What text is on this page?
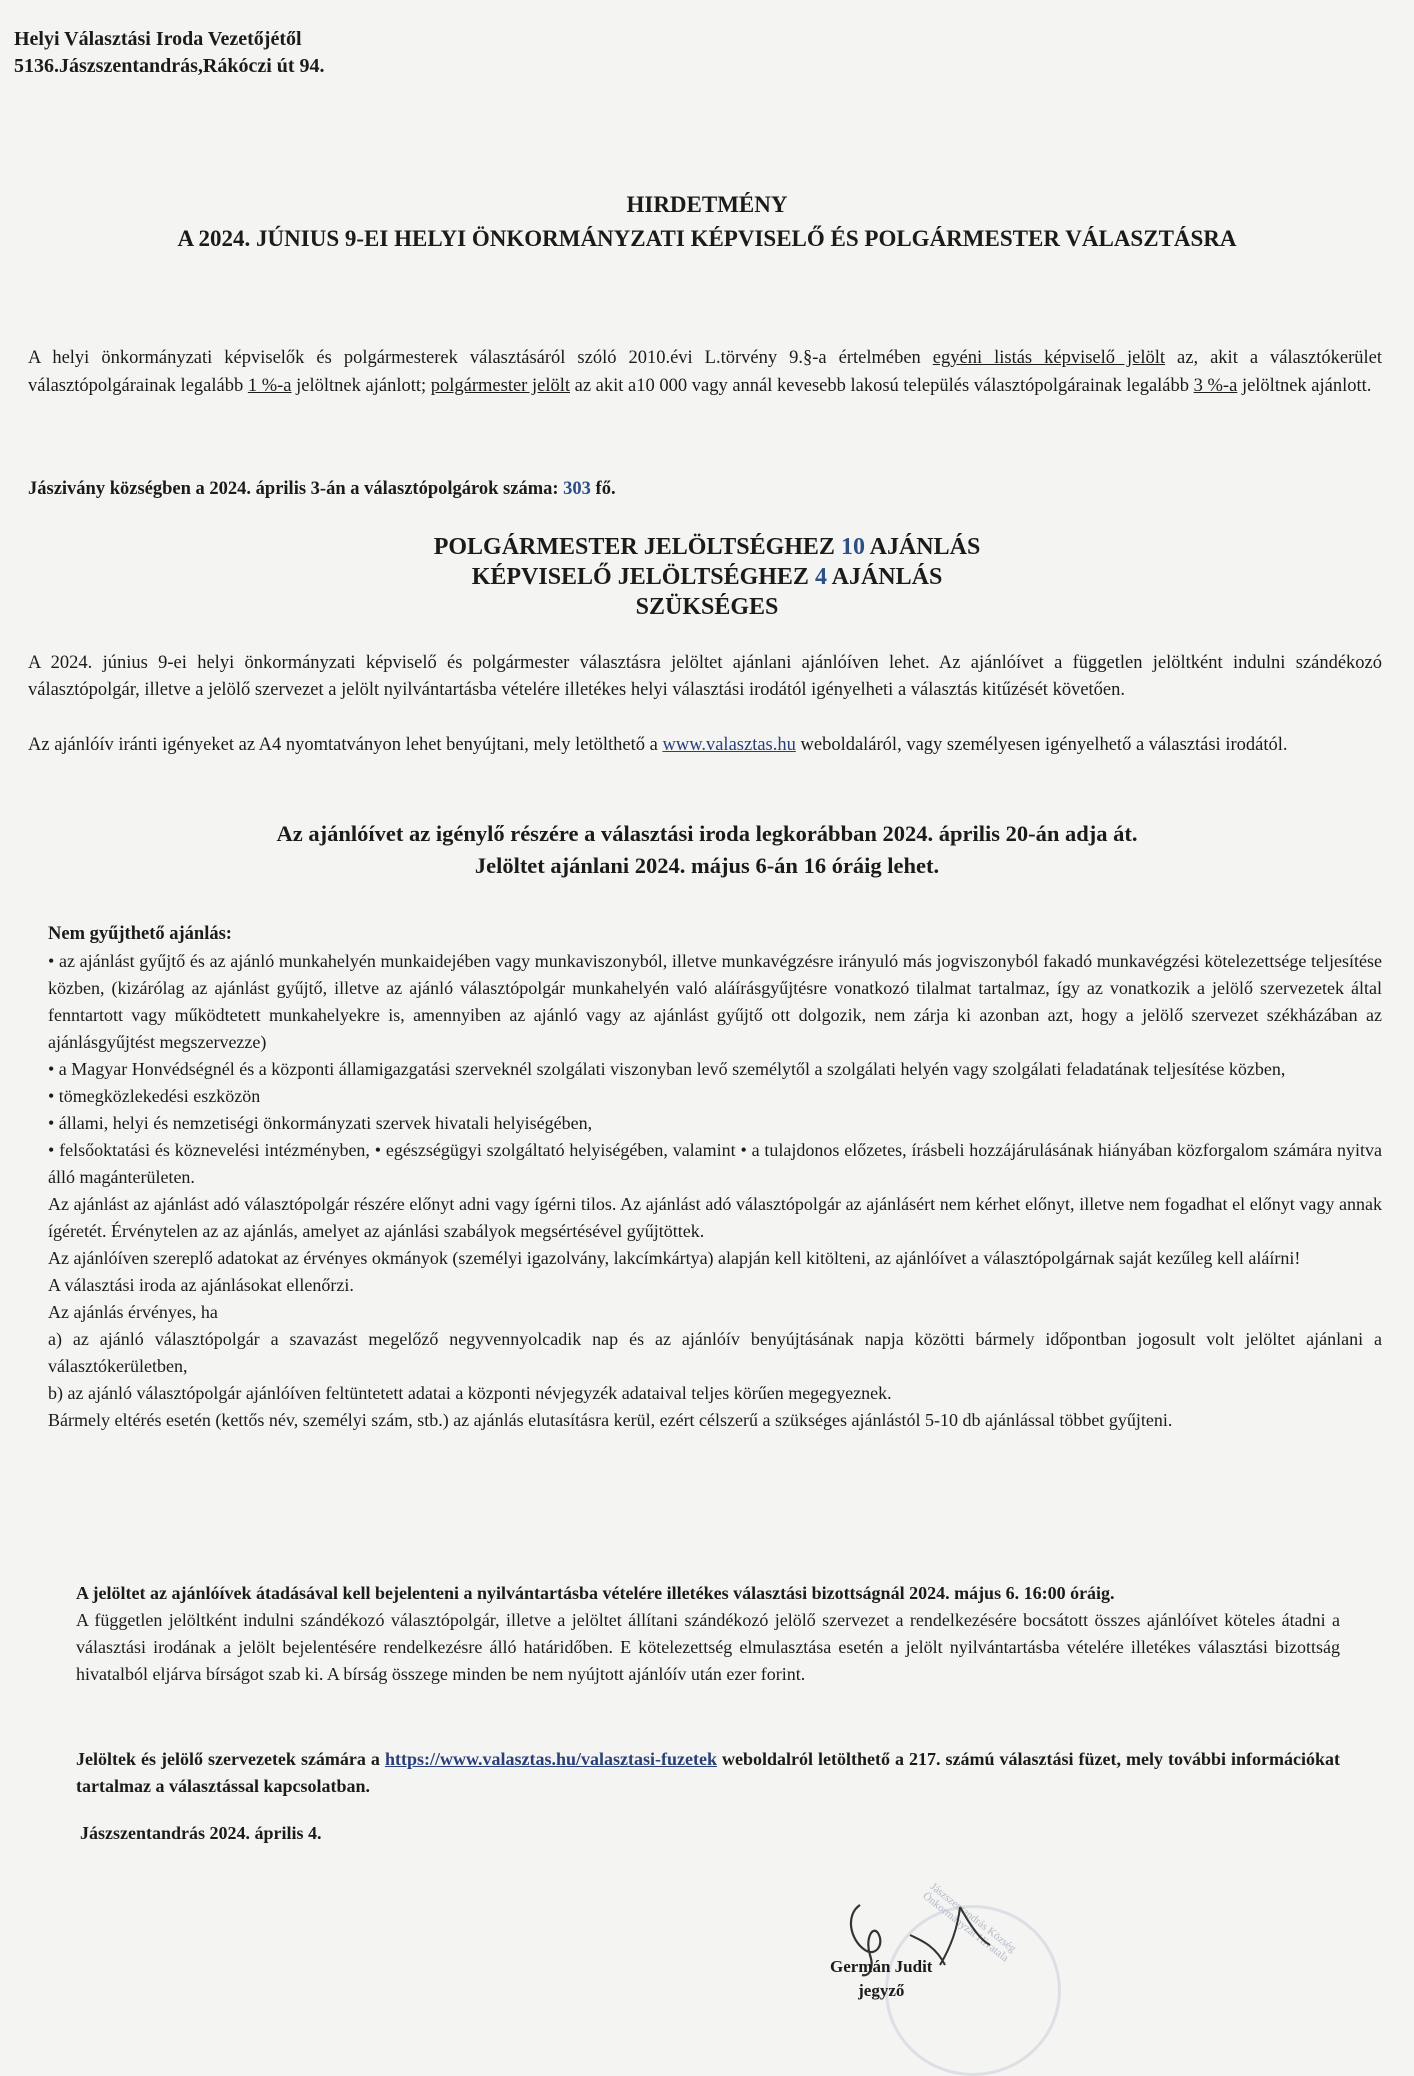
Helyi Választási Iroda Vezetőjétől
5136.Jászszentandrás,Rákóczi út 94.
HIRDETMÉNY
A 2024. JÚNIUS 9-EI HELYI ÖNKORMÁNYZATI KÉPVISELŐ ÉS POLGÁRMESTER VÁLASZTÁSRA
A helyi önkormányzati képviselők és polgármesterek választásáról szóló 2010.évi L.törvény 9.§-a értelmében egyéni listás képviselő jelölt az, akit a választókerület választópolgárainak legalább 1 %-a jelöltnek ajánlott; polgármester jelölt az akit a10 000 vagy annál kevesebb lakosú település választópolgárainak legalább 3 %-a jelöltnek ajánlott.
Jászivány községben a 2024. április 3-án a választópolgárok száma: 303 fő.
POLGÁRMESTER JELÖLTSÉGHEZ 10 AJÁNLÁS
KÉPVISELŐ JELÖLTSÉGHEZ 4 AJÁNLÁS
SZÜKSÉGES
A 2024. június 9-ei helyi önkormányzati képviselő és polgármester választásra jelöltet ajánlani ajánlóíven lehet. Az ajánlóívet a független jelöltként indulni szándékozó választópolgár, illetve a jelölő szervezet a jelölt nyilvántartásba vételére illetékes helyi választási irodától igényelheti a választás kitűzését követően.
Az ajánlóív iránti igényeket az A4 nyomtatványon lehet benyújtani, mely letölthető a www.valasztas.hu weboldaláról, vagy személyesen igényelhető a választási irodától.
Az ajánlóívet az igénylő részére a választási iroda legkorábban 2024. április 20-án adja át.
Jelöltet ajánlani 2024. május 6-án 16 óráig lehet.
Nem gyűjthető ajánlás:
• az ajánlást gyűjtő és az ajánló munkahelyén munkaidejében vagy munkaviszonyból, illetve munkavégzésre irányuló más jogviszonyból fakadó munkavégzési kötelezettsége teljesítése közben, (kizárólag az ajánlást gyűjtő, illetve az ajánló választópolgár munkahelyén való aláírásgyűjtésre vonatkozó tilalmat tartalmaz, így az vonatkozik a jelölő szervezetek által fenntartott vagy működtetett munkahelyekre is, amennyiben az ajánló vagy az ajánlást gyűjtő ott dolgozik, nem zárja ki azonban azt, hogy a jelölő szervezet székházában az ajánlásgyűjtést megszervezze)
• a Magyar Honvédségnél és a központi államigazgatási szerveknél szolgálati viszonyban levő személytől a szolgálati helyén vagy szolgálati feladatának teljesítése közben,
• tömegközlekedési eszközön
• állami, helyi és nemzetiségi önkormányzati szervek hivatali helyiségében,
• felsőoktatási és köznevelési intézményben, • egészségügyi szolgáltató helyiségében, valamint • a tulajdonos előzetes, írásbeli hozzájárulásának hiányában közforgalom számára nyitva álló magánterületen.
Az ajánlást az ajánlást adó választópolgár részére előnyt adni vagy ígérni tilos. Az ajánlást adó választópolgár az ajánlásért nem kérhet előnyt, illetve nem fogadhat el előnyt vagy annak ígéretét. Érvénytelen az az ajánlás, amelyet az ajánlási szabályok megsértésével gyűjtöttek.
Az ajánlóíven szereplő adatokat az érvényes okmányok (személyi igazolvány, lakcímkártya) alapján kell kitölteni, az ajánlóívet a választópolgárnak saját kezűleg kell aláírni!
A választási iroda az ajánlásokat ellenőrzi.
Az ajánlás érvényes, ha
a) az ajánló választópolgár a szavazást megelőző negyvennyolcadik nap és az ajánlóív benyújtásának napja közötti bármely időpontban jogosult volt jelöltet ajánlani a választókerületben,
b) az ajánló választópolgár ajánlóíven feltüntetett adatai a központi névjegyzék adataival teljes körűen megegyeznek.
Bármely eltérés esetén (kettős név, személyi szám, stb.) az ajánlás elutasításra kerül, ezért célszerű a szükséges ajánlástól 5-10 db ajánlással többet gyűjteni.
A jelöltet az ajánlóívek átadásával kell bejelenteni a nyilvántartásba vételére illetékes választási bizottságnál 2024. május 6. 16:00 óráig.
A független jelöltként indulni szándékozó választópolgár, illetve a jelöltet állítani szándékozó jelölő szervezet a rendelkezésére bocsátott összes ajánlóívet köteles átadni a választási irodának a jelölt bejelentésére rendelkezésre álló határidőben. E kötelezettség elmulasztása esetén a jelölt nyilvántartásba vételére illetékes választási bizottság hivatalból eljárva bírságot szab ki. A bírság összege minden be nem nyújtott ajánlóív után ezer forint.
Jelöltek és jelölő szervezetek számára a https://www.valasztas.hu/valasztasi-fuzetek weboldalról letölthető a 217. számú választási füzet, mely további információkat tartalmaz a választással kapcsolatban.
Jászszentandrás 2024. április 4.
Jászszentandrás Község Önkormányzat Hivatala
Germán Judit
jegyző
